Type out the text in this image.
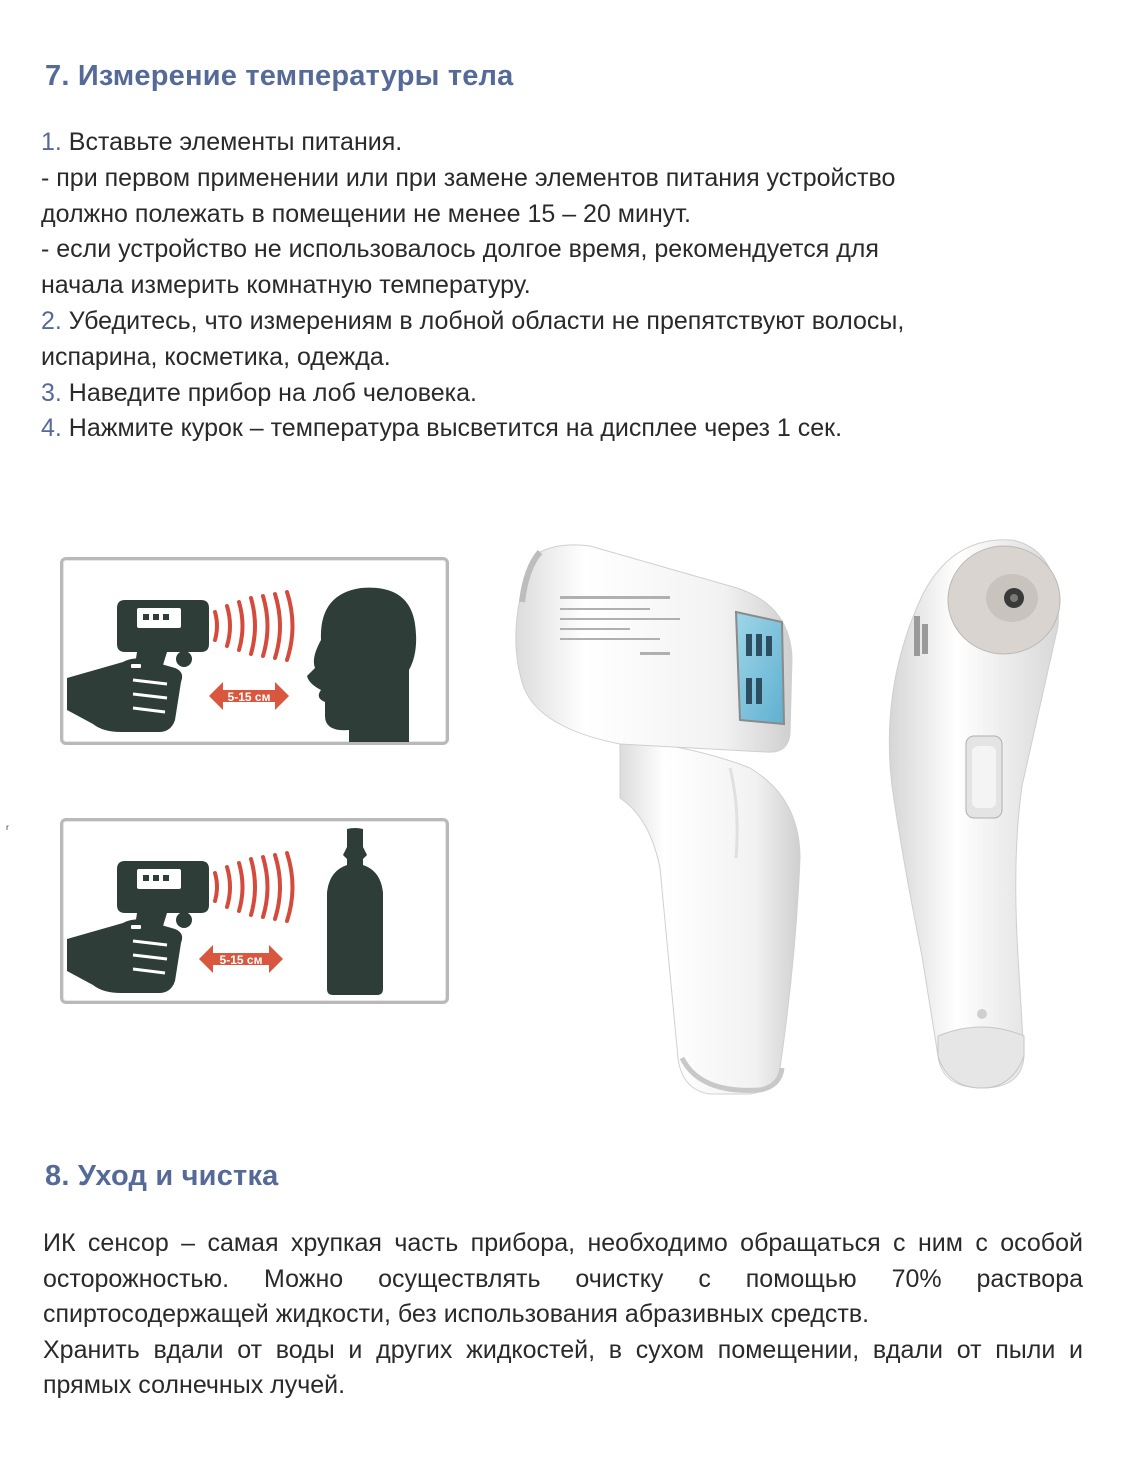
7. Измерение температуры тела
1. Вставьте элементы питания.
- при первом применении или при замене элементов питания устройство
должно полежать в помещении не менее 15 – 20 минут.
- если устройство не использовалось долгое время, рекомендуется для
начала измерить комнатную температуру.
2. Убедитесь, что измерениям в лобной области не препятствуют волосы,
испарина, косметика, одежда.
3. Наведите прибор на лоб человека.
4. Нажмите курок – температура высветится на дисплее через 1 сек.
5-15 см
5-15 см
ʳ
8. Уход и чистка

ИК сенсор – самая хрупкая часть прибора, необходимо обращаться с ним с особой осторожностью. Можно осуществлять очистку с помощью 70% раствора спиртосодержащей жидкости, без использования абразивных средств.

Хранить вдали от воды и других жидкостей, в сухом помещении, вдали от пыли и прямых солнечных лучей.
